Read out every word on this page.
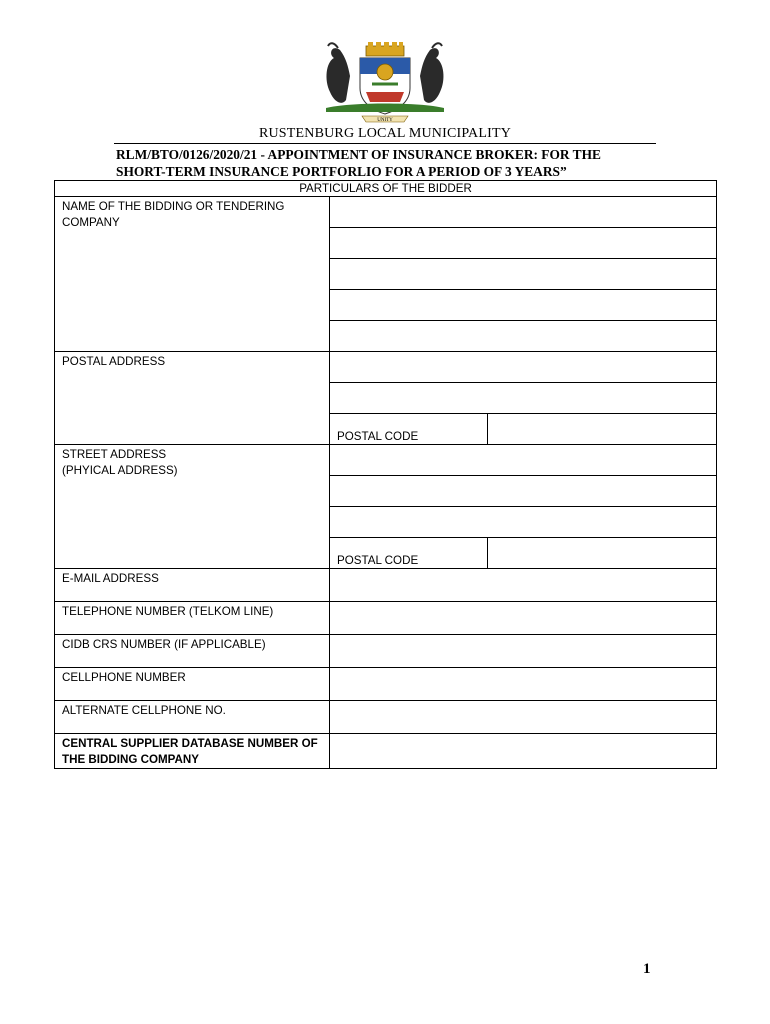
UNITY
RUSTENBURG LOCAL MUNICIPALITY
RLM/BTO/0126/2020/21 - APPOINTMENT OF INSURANCE BROKER: FOR THE
SHORT-TERM INSURANCE PORTFORLIO FOR A PERIOD OF 3 YEARS”
PARTICULARS OF THE BIDDER		
NAME OF THE BIDDING OR TENDERING COMPANY		

POSTAL ADDRESS		

	POSTAL CODE	

STREET ADDRESS
(PHYICAL ADDRESS)		

	POSTAL CODE	
E-MAIL ADDRESS		
TELEPHONE NUMBER (TELKOM LINE)		
CIDB CRS NUMBER (IF APPLICABLE)		
CELLPHONE NUMBER		
ALTERNATE CELLPHONE NO.		
CENTRAL SUPPLIER DATABASE NUMBER OF THE BIDDING COMPANY		
1
